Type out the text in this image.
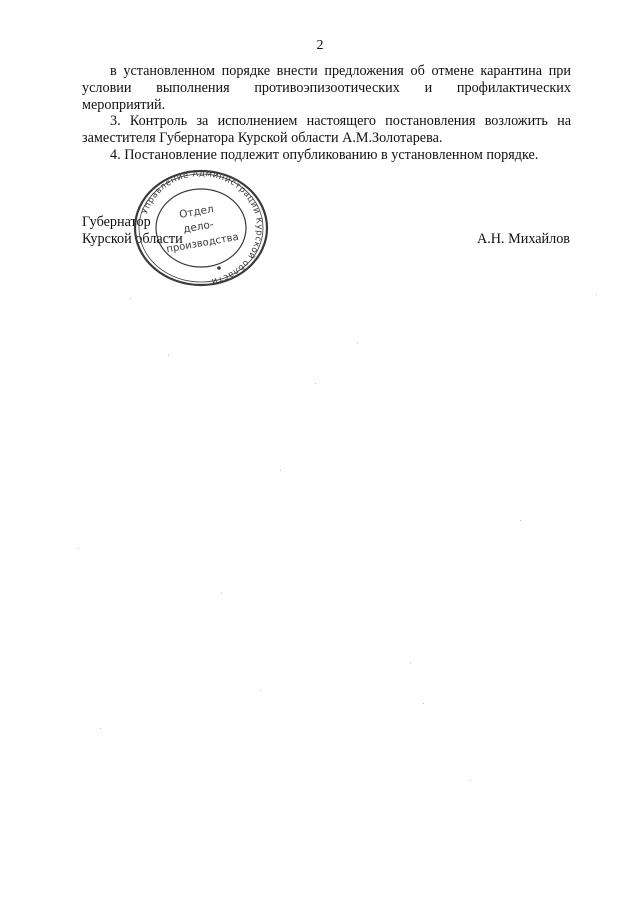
2

в установленном порядке внести предложения об отмене карантина при условии выполнения противоэпизоотических и профилактических мероприятий.

3. Контроль за исполнением настоящего постановления возложить на заместителя Губернатора Курской области А.М.Золотарева.

4. Постановление подлежит опубликованию в установленном порядке.

Губернатор
Курской области	А.Н. Михайлов
Управление Администрации Курской области
Отдел
дело-
производства
